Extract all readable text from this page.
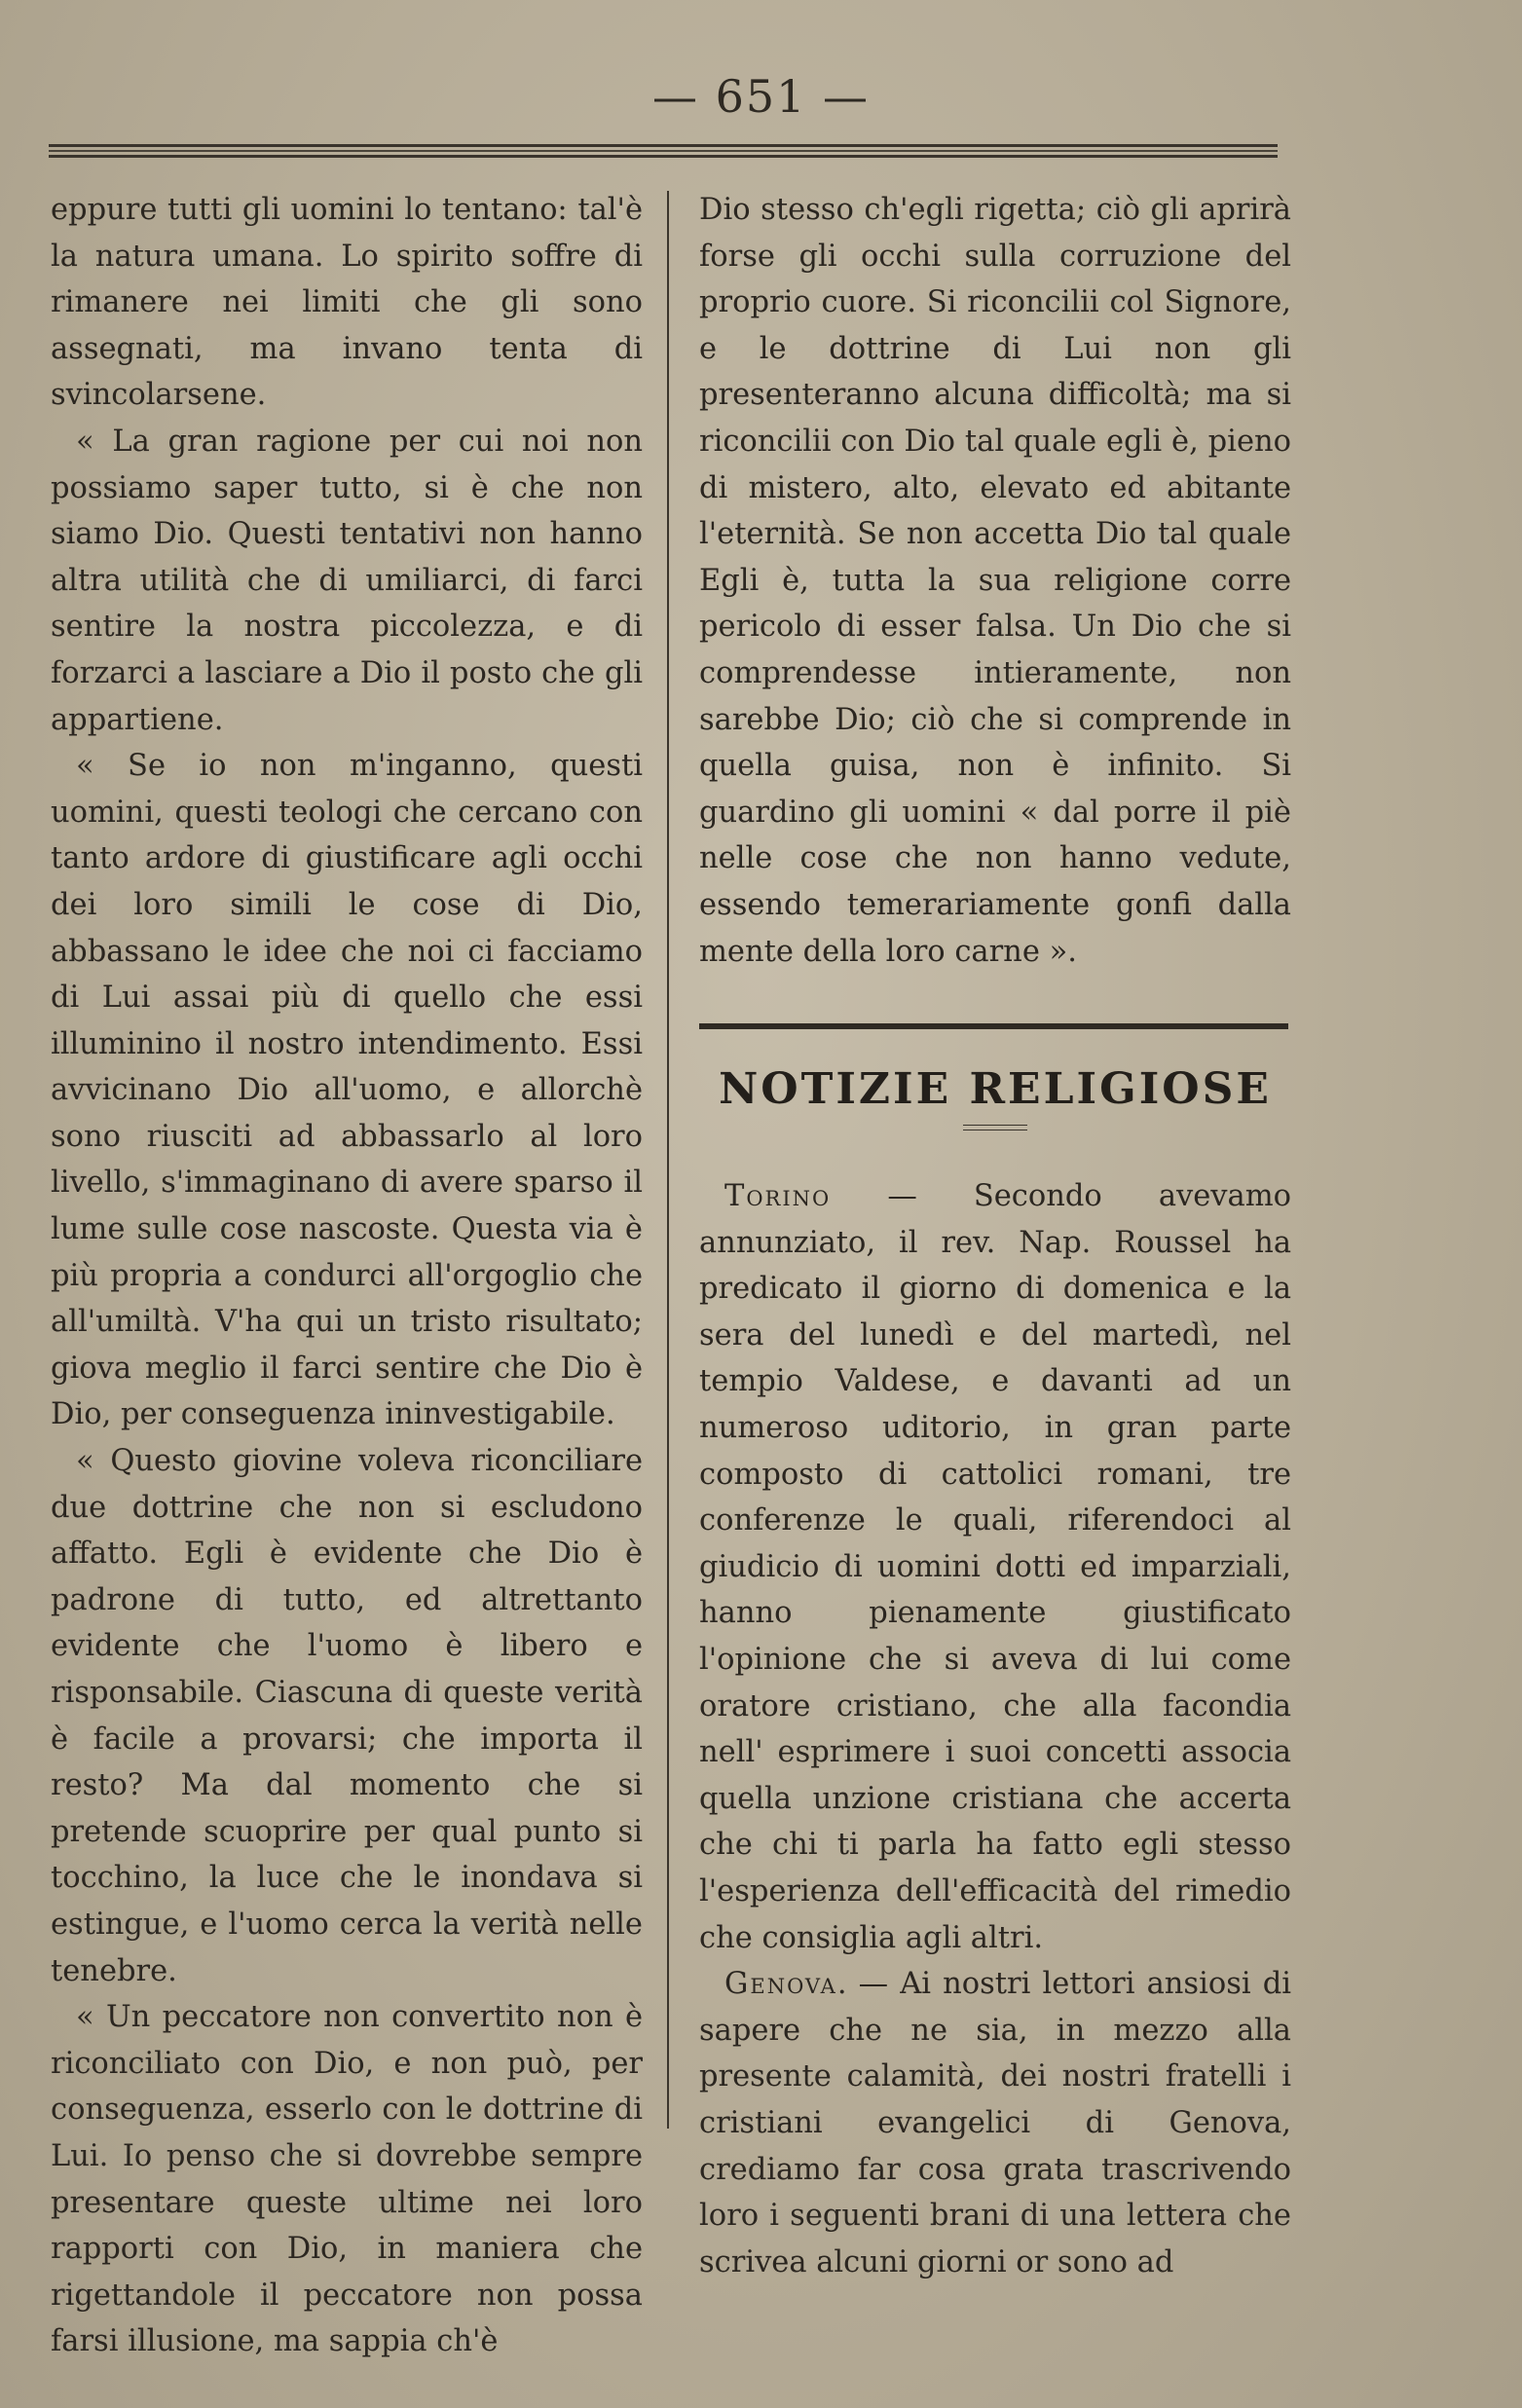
— 651 —

eppure tutti gli uomini lo tentano: tal'è la natura umana. Lo spirito soffre di rimanere nei limiti che gli sono assegnati, ma invano tenta di svincolarsene.

« La gran ragione per cui noi non possiamo saper tutto, si è che non siamo Dio. Questi tentativi non hanno altra utilità che di umiliarci, di farci sentire la nostra piccolezza, e di forzarci a lasciare a Dio il posto che gli appartiene.

« Se io non m'inganno, questi uomini, questi teologi che cercano con tanto ardore di giustificare agli occhi dei loro simili le cose di Dio, abbassano le idee che noi ci facciamo di Lui assai più di quello che essi illuminino il nostro intendimento. Essi avvicinano Dio all'uomo, e allorchè sono riusciti ad abbassarlo al loro livello, s'immaginano di avere sparso il lume sulle cose nascoste. Questa via è più propria a condurci all'orgoglio che all'umiltà. V'ha qui un tristo risultato; giova meglio il farci sentire che Dio è Dio, per conseguenza ininvestigabile.

« Questo giovine voleva riconciliare due dottrine che non si escludono affatto. Egli è evidente che Dio è padrone di tutto, ed altrettanto evidente che l'uomo è libero e risponsabile. Ciascuna di queste verità è facile a provarsi; che importa il resto? Ma dal momento che si pretende scuoprire per qual punto si tocchino, la luce che le inondava si estingue, e l'uomo cerca la verità nelle tenebre.

« Un peccatore non convertito non è riconciliato con Dio, e non può, per conseguenza, esserlo con le dottrine di Lui. Io penso che si dovrebbe sempre presentare queste ultime nei loro rapporti con Dio, in maniera che rigettandole il peccatore non possa farsi illusione, ma sappia ch'è

Dio stesso ch'egli rigetta; ciò gli aprirà forse gli occhi sulla corruzione del proprio cuore. Si riconcilii col Signore, e le dottrine di Lui non gli presenteranno alcuna difficoltà; ma si riconcilii con Dio tal quale egli è, pieno di mistero, alto, elevato ed abitante l'eternità. Se non accetta Dio tal quale Egli è, tutta la sua religione corre pericolo di esser falsa. Un Dio che si comprendesse intieramente, non sarebbe Dio; ciò che si comprende in quella guisa, non è infinito. Si guardino gli uomini « dal porre il piè nelle cose che non hanno vedute, essendo temerariamente gonfi dalla mente della loro carne ».

NOTIZIE RELIGIOSE

Torino — Secondo avevamo annunziato, il rev. Nap. Roussel ha predicato il giorno di domenica e la sera del lunedì e del martedì, nel tempio Valdese, e davanti ad un numeroso uditorio, in gran parte composto di cattolici romani, tre conferenze le quali, riferendoci al giudicio di uomini dotti ed imparziali, hanno pienamente giustificato l'opinione che si aveva di lui come oratore cristiano, che alla facondia nell' esprimere i suoi concetti associa quella unzione cristiana che accerta che chi ti parla ha fatto egli stesso l'esperienza dell'efficacità del rimedio che consiglia agli altri.

Genova. — Ai nostri lettori ansiosi di sapere che ne sia, in mezzo alla presente calamità, dei nostri fratelli i cristiani evangelici di Genova, crediamo far cosa grata trascrivendo loro i seguenti brani di una lettera che scrivea alcuni giorni or sono ad
